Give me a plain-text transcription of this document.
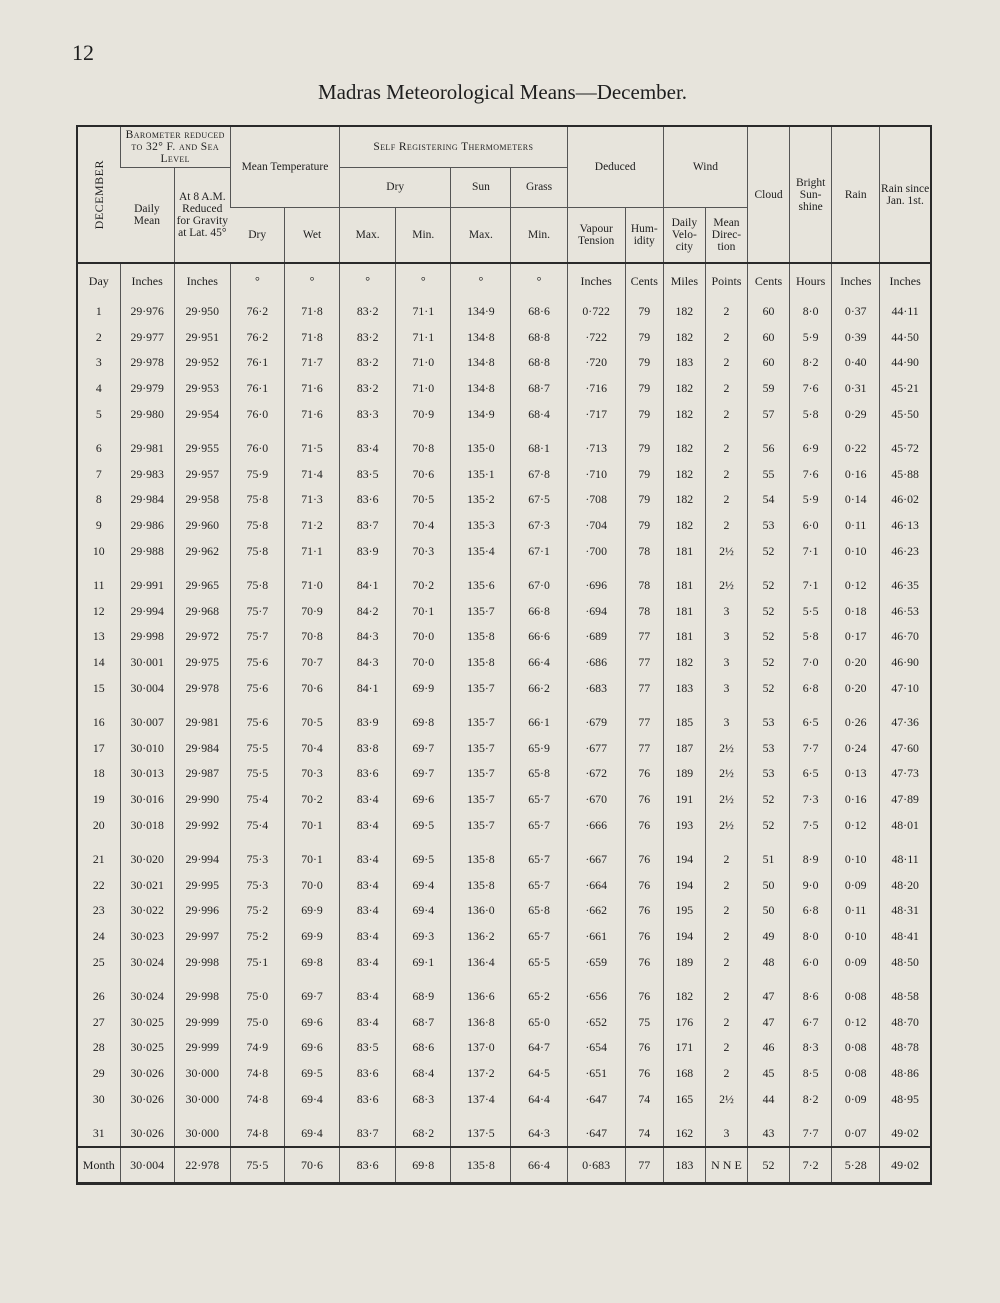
12
Madras Meteorological Means—December.
DECEMBER	Barometer reduced to 32° F. and Sea Level		Mean Temperature		Self Registering Thermometers				Deduced		Wind		Cloud	Bright Sun- shine	Rain	Rain since Jan. 1st.
	Daily Mean	At 8 A.M. Reduced for Gravity at Lat. 45°			Dry		Sun	Grass								
			Dry	Wet	Max.	Min.	Max.	Min.	Vapour Tension	Hum- idity	Daily Velo- city	Mean Direc- tion				
Day	Inches	Inches	°	°	°	°	°	°	Inches	Cents	Miles	Points	Cents	Hours	Inches	Inches
1	29·976	29·950	76·2	71·8	83·2	71·1	134·9	68·6	0·722	79	182	2	60	8·0	0·37	44·11
2	29·977	29·951	76·2	71·8	83·2	71·1	134·8	68·8	·722	79	182	2	60	5·9	0·39	44·50
3	29·978	29·952	76·1	71·7	83·2	71·0	134·8	68·8	·720	79	183	2	60	8·2	0·40	44·90
4	29·979	29·953	76·1	71·6	83·2	71·0	134·8	68·7	·716	79	182	2	59	7·6	0·31	45·21
5	29·980	29·954	76·0	71·6	83·3	70·9	134·9	68·4	·717	79	182	2	57	5·8	0·29	45·50

6	29·981	29·955	76·0	71·5	83·4	70·8	135·0	68·1	·713	79	182	2	56	6·9	0·22	45·72
7	29·983	29·957	75·9	71·4	83·5	70·6	135·1	67·8	·710	79	182	2	55	7·6	0·16	45·88
8	29·984	29·958	75·8	71·3	83·6	70·5	135·2	67·5	·708	79	182	2	54	5·9	0·14	46·02
9	29·986	29·960	75·8	71·2	83·7	70·4	135·3	67·3	·704	79	182	2	53	6·0	0·11	46·13
10	29·988	29·962	75·8	71·1	83·9	70·3	135·4	67·1	·700	78	181	2½	52	7·1	0·10	46·23

11	29·991	29·965	75·8	71·0	84·1	70·2	135·6	67·0	·696	78	181	2½	52	7·1	0·12	46·35
12	29·994	29·968	75·7	70·9	84·2	70·1	135·7	66·8	·694	78	181	3	52	5·5	0·18	46·53
13	29·998	29·972	75·7	70·8	84·3	70·0	135·8	66·6	·689	77	181	3	52	5·8	0·17	46·70
14	30·001	29·975	75·6	70·7	84·3	70·0	135·8	66·4	·686	77	182	3	52	7·0	0·20	46·90
15	30·004	29·978	75·6	70·6	84·1	69·9	135·7	66·2	·683	77	183	3	52	6·8	0·20	47·10

16	30·007	29·981	75·6	70·5	83·9	69·8	135·7	66·1	·679	77	185	3	53	6·5	0·26	47·36
17	30·010	29·984	75·5	70·4	83·8	69·7	135·7	65·9	·677	77	187	2½	53	7·7	0·24	47·60
18	30·013	29·987	75·5	70·3	83·6	69·7	135·7	65·8	·672	76	189	2½	53	6·5	0·13	47·73
19	30·016	29·990	75·4	70·2	83·4	69·6	135·7	65·7	·670	76	191	2½	52	7·3	0·16	47·89
20	30·018	29·992	75·4	70·1	83·4	69·5	135·7	65·7	·666	76	193	2½	52	7·5	0·12	48·01

21	30·020	29·994	75·3	70·1	83·4	69·5	135·8	65·7	·667	76	194	2	51	8·9	0·10	48·11
22	30·021	29·995	75·3	70·0	83·4	69·4	135·8	65·7	·664	76	194	2	50	9·0	0·09	48·20
23	30·022	29·996	75·2	69·9	83·4	69·4	136·0	65·8	·662	76	195	2	50	6·8	0·11	48·31
24	30·023	29·997	75·2	69·9	83·4	69·3	136·2	65·7	·661	76	194	2	49	8·0	0·10	48·41
25	30·024	29·998	75·1	69·8	83·4	69·1	136·4	65·5	·659	76	189	2	48	6·0	0·09	48·50

26	30·024	29·998	75·0	69·7	83·4	68·9	136·6	65·2	·656	76	182	2	47	8·6	0·08	48·58
27	30·025	29·999	75·0	69·6	83·4	68·7	136·8	65·0	·652	75	176	2	47	6·7	0·12	48·70
28	30·025	29·999	74·9	69·6	83·5	68·6	137·0	64·7	·654	76	171	2	46	8·3	0·08	48·78
29	30·026	30·000	74·8	69·5	83·6	68·4	137·2	64·5	·651	76	168	2	45	8·5	0·08	48·86
30	30·026	30·000	74·8	69·4	83·6	68·3	137·4	64·4	·647	74	165	2½	44	8·2	0·09	48·95

31	30·026	30·000	74·8	69·4	83·7	68·2	137·5	64·3	·647	74	162	3	43	7·7	0·07	49·02
Month	30·004	22·978	75·5	70·6	83·6	69·8	135·8	66·4	0·683	77	183	N N E	52	7·2	5·28	49·02
